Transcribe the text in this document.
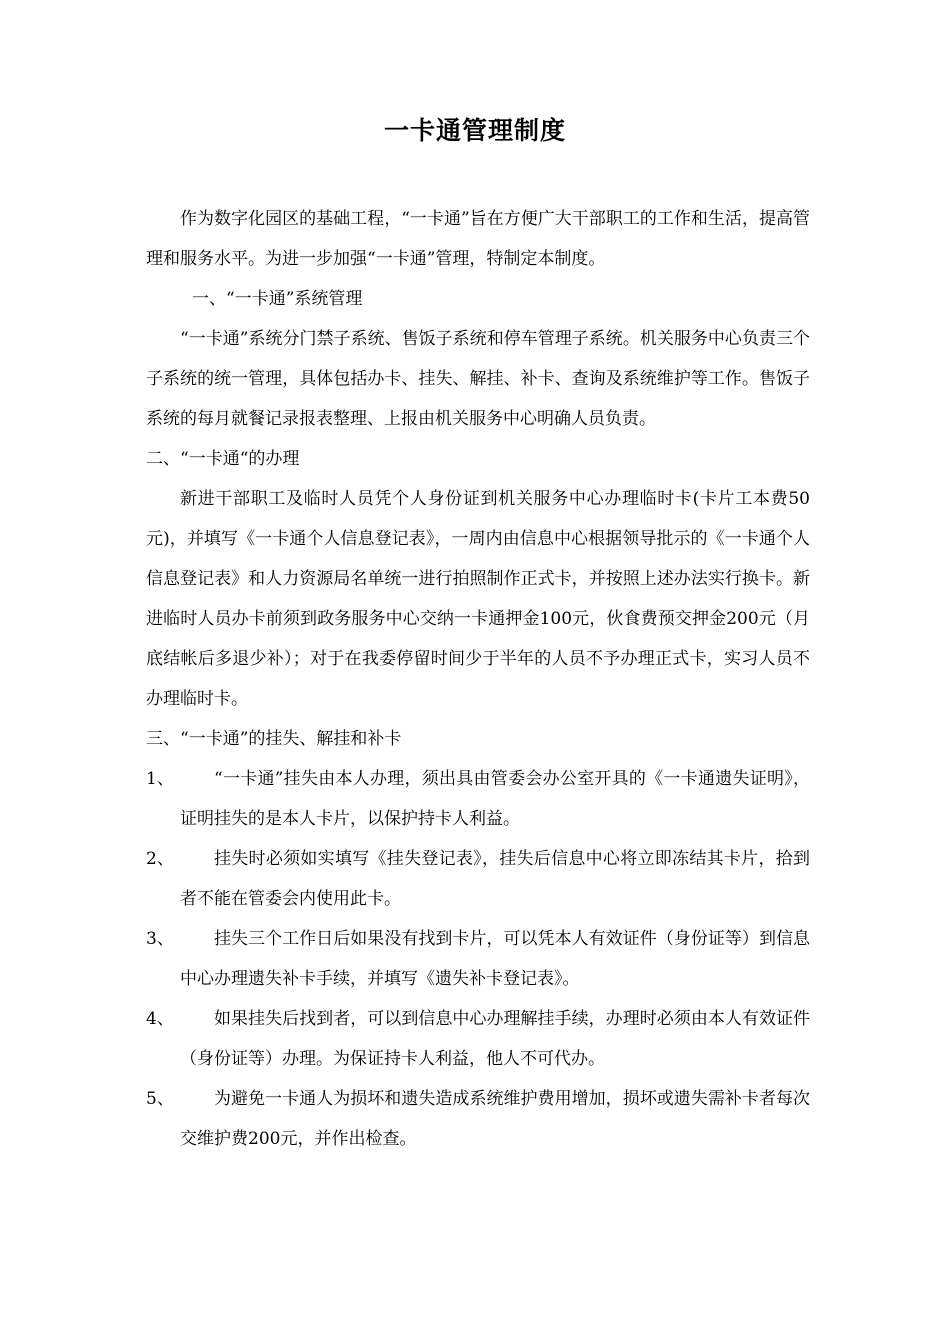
一卡通管理制度

作为数字化园区的基础工程，“一卡通”旨在方便广大干部职工的工作和生活，提高管理和服务水平。为进一步加强“一卡通”管理，特制定本制度。

一、“一卡通”系统管理

“一卡通”系统分门禁子系统、售饭子系统和停车管理子系统。机关服务中心负责三个子系统的统一管理，具体包括办卡、挂失、解挂、补卡、查询及系统维护等工作。售饭子系统的每月就餐记录报表整理、上报由机关服务中心明确人员负责。

二、“一卡通“的办理

新进干部职工及临时人员凭个人身份证到机关服务中心办理临时卡(卡片工本费50元)，并填写《一卡通个人信息登记表》，一周内由信息中心根据领导批示的《一卡通个人信息登记表》和人力资源局名单统一进行拍照制作正式卡，并按照上述办法实行换卡。新进临时人员办卡前须到政务服务中心交纳一卡通押金100元，伙食费预交押金200元（月底结帐后多退少补）；对于在我委停留时间少于半年的人员不予办理正式卡，实习人员不办理临时卡。

三、“一卡通”的挂失、解挂和补卡

1、	“一卡通”挂失由本人办理，须出具由管委会办公室开具的《一卡通遗失证明》，证明挂失的是本人卡片，以保护持卡人利益。
2、	挂失时必须如实填写《挂失登记表》，挂失后信息中心将立即冻结其卡片，拾到者不能在管委会内使用此卡。
3、	挂失三个工作日后如果没有找到卡片，可以凭本人有效证件（身份证等）到信息中心办理遗失补卡手续，并填写《遗失补卡登记表》。
4、	如果挂失后找到者，可以到信息中心办理解挂手续，办理时必须由本人有效证件（身份证等）办理。为保证持卡人利益，他人不可代办。
5、	为避免一卡通人为损坏和遗失造成系统维护费用增加，损坏或遗失需补卡者每次交维护费200元，并作出检查。
